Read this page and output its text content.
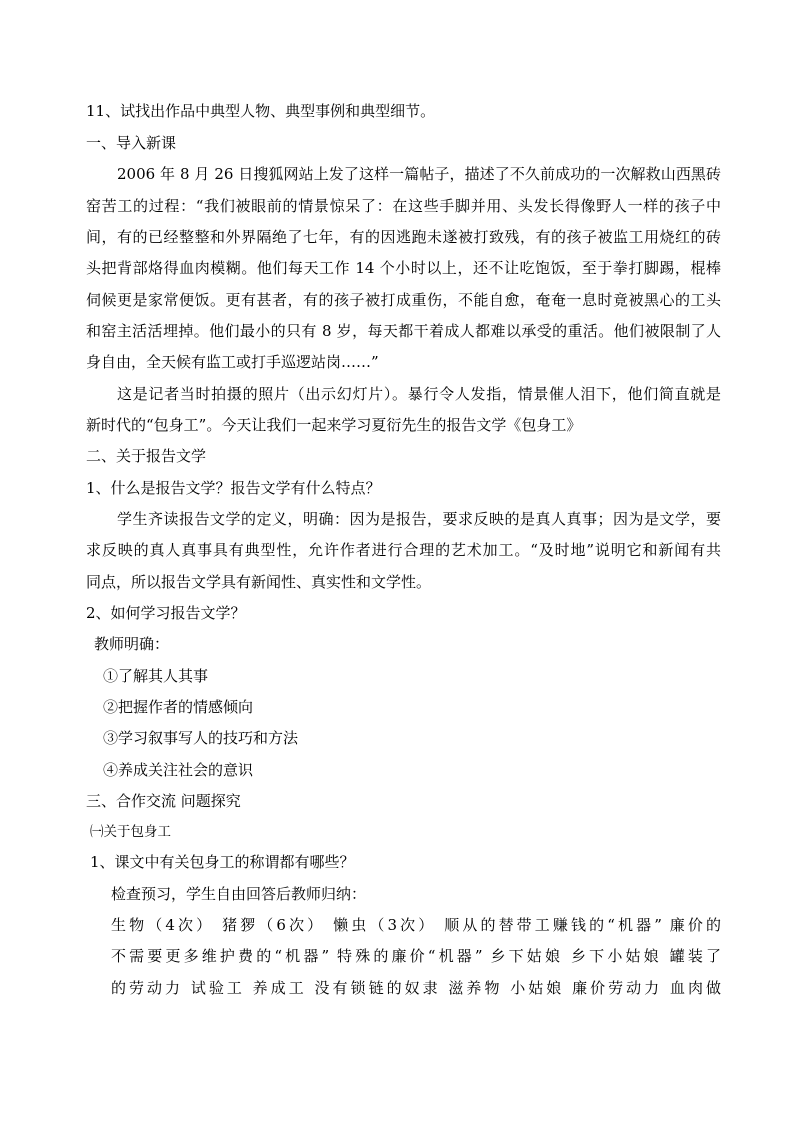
11、试找出作品中典型人物、典型事例和典型细节。
一、导入新课
2006 年 8 月 26 日搜狐网站上发了这样一篇帖子，描述了不久前成功的一次解救山西黑砖
窑苦工的过程：“我们被眼前的情景惊呆了：在这些手脚并用、头发长得像野人一样的孩子中
间，有的已经整整和外界隔绝了七年，有的因逃跑未遂被打致残，有的孩子被监工用烧红的砖
头把背部烙得血肉模糊。他们每天工作 14 个小时以上，还不让吃饱饭，至于拳打脚踢，棍棒
伺候更是家常便饭。更有甚者，有的孩子被打成重伤，不能自愈，奄奄一息时竟被黑心的工头
和窑主活活埋掉。他们最小的只有 8 岁，每天都干着成人都难以承受的重活。他们被限制了人
身自由，全天候有监工或打手巡逻站岗……”
这是记者当时拍摄的照片（出示幻灯片）。暴行令人发指，情景催人泪下，他们简直就是
新时代的“包身工”。今天让我们一起来学习夏衍先生的报告文学《包身工》
二、关于报告文学
1、什么是报告文学？报告文学有什么特点？
学生齐读报告文学的定义，明确：因为是报告，要求反映的是真人真事；因为是文学，要
求反映的真人真事具有典型性，允许作者进行合理的艺术加工。“及时地”说明它和新闻有共
同点，所以报告文学具有新闻性、真实性和文学性。
2、如何学习报告文学？
教师明确：
①了解其人其事
②把握作者的情感倾向
③学习叙事写人的技巧和方法
④养成关注社会的意识
三、合作交流 问题探究
㈠关于包身工
1、课文中有关包身工的称谓都有哪些？
检查预习，学生自由回答后教师归纳：
生物（4次） 猪猡（6次） 懒虫（3次） 顺从的替带工赚钱的“机器” 廉价的
不需要更多维护费的“机器” 特殊的廉价“机器” 乡下姑娘 乡下小姑娘 罐装了
的劳动力 试验工 养成工 没有锁链的奴隶 滋养物 小姑娘 廉价劳动力 血肉做
